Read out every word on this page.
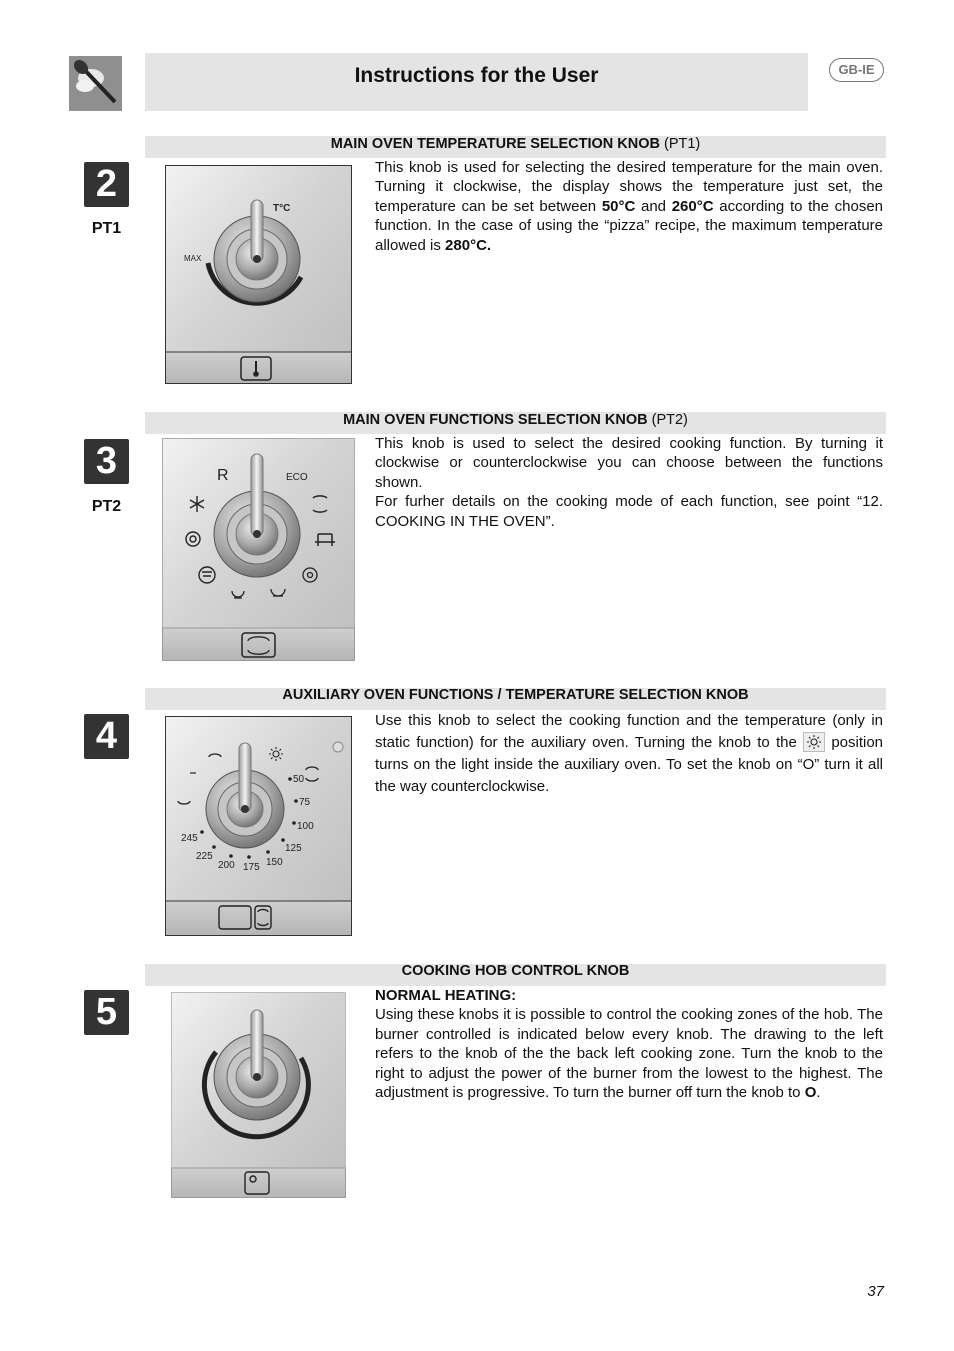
Instructions for the User	GB-IE
MAIN OVEN TEMPERATURE SELECTION KNOB (PT1)
2
PT1
T°C
MAX
This knob is used for selecting the desired temperature for the main oven. Turning it clockwise, the display shows the temperature just set, the temperature can be set between 50°C and 260°C according to the chosen function. In the case of using the “pizza” recipe, the maximum temperature allowed is 280°C.
MAIN OVEN FUNCTIONS SELECTION KNOB (PT2)
3
PT2
R	ECO
This knob is used to select the desired cooking function. By turning it clockwise or counterclockwise you can choose between the functions shown.
For furher details on the cooking mode of each function, see point “12. COOKING IN THE OVEN”.
AUXILIARY OVEN FUNCTIONS / TEMPERATURE SELECTION KNOB
4
50
75
100
125
150
175
200
225
245
Use this knob to select the cooking function and the temperature (only in static function) for the auxiliary oven. Turning the knob to the position turns on the light inside the auxiliary oven. To set the knob on “O” turn it all the way counterclockwise.
COOKING HOB CONTROL KNOB
5	NORMAL HEATING:
Using these knobs it is possible to control the cooking zones of the hob. The burner controlled is indicated below every knob. The drawing to the left refers to the knob of the the back left cooking zone. Turn the knob to the right to adjust the power of the burner from the lowest to the highest. The adjustment is progressive. To turn the burner off turn the knob to O.
37
